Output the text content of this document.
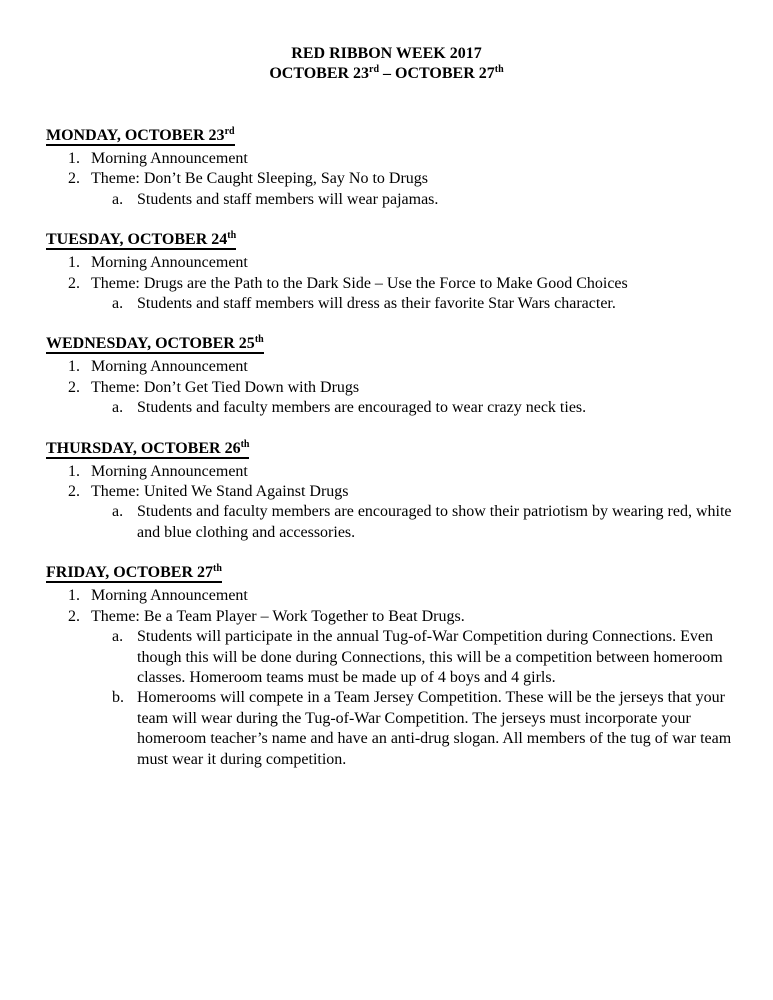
RED RIBBON WEEK 2017
OCTOBER 23rd – OCTOBER 27th
MONDAY, OCTOBER 23rd
1. Morning Announcement
2. Theme: Don’t Be Caught Sleeping, Say No to Drugs
a. Students and staff members will wear pajamas.
TUESDAY, OCTOBER 24th
1. Morning Announcement
2. Theme: Drugs are the Path to the Dark Side – Use the Force to Make Good Choices
a. Students and staff members will dress as their favorite Star Wars character.
WEDNESDAY, OCTOBER 25th
1. Morning Announcement
2. Theme: Don’t Get Tied Down with Drugs
a. Students and faculty members are encouraged to wear crazy neck ties.
THURSDAY, OCTOBER 26th
1. Morning Announcement
2. Theme: United We Stand Against Drugs
a. Students and faculty members are encouraged to show their patriotism by wearing red, white and blue clothing and accessories.
FRIDAY, OCTOBER 27th
1. Morning Announcement
2. Theme: Be a Team Player – Work Together to Beat Drugs.
a. Students will participate in the annual Tug-of-War Competition during Connections. Even though this will be done during Connections, this will be a competition between homeroom classes. Homeroom teams must be made up of 4 boys and 4 girls.
b. Homerooms will compete in a Team Jersey Competition. These will be the jerseys that your team will wear during the Tug-of-War Competition. The jerseys must incorporate your homeroom teacher’s name and have an anti-drug slogan. All members of the tug of war team must wear it during competition.
